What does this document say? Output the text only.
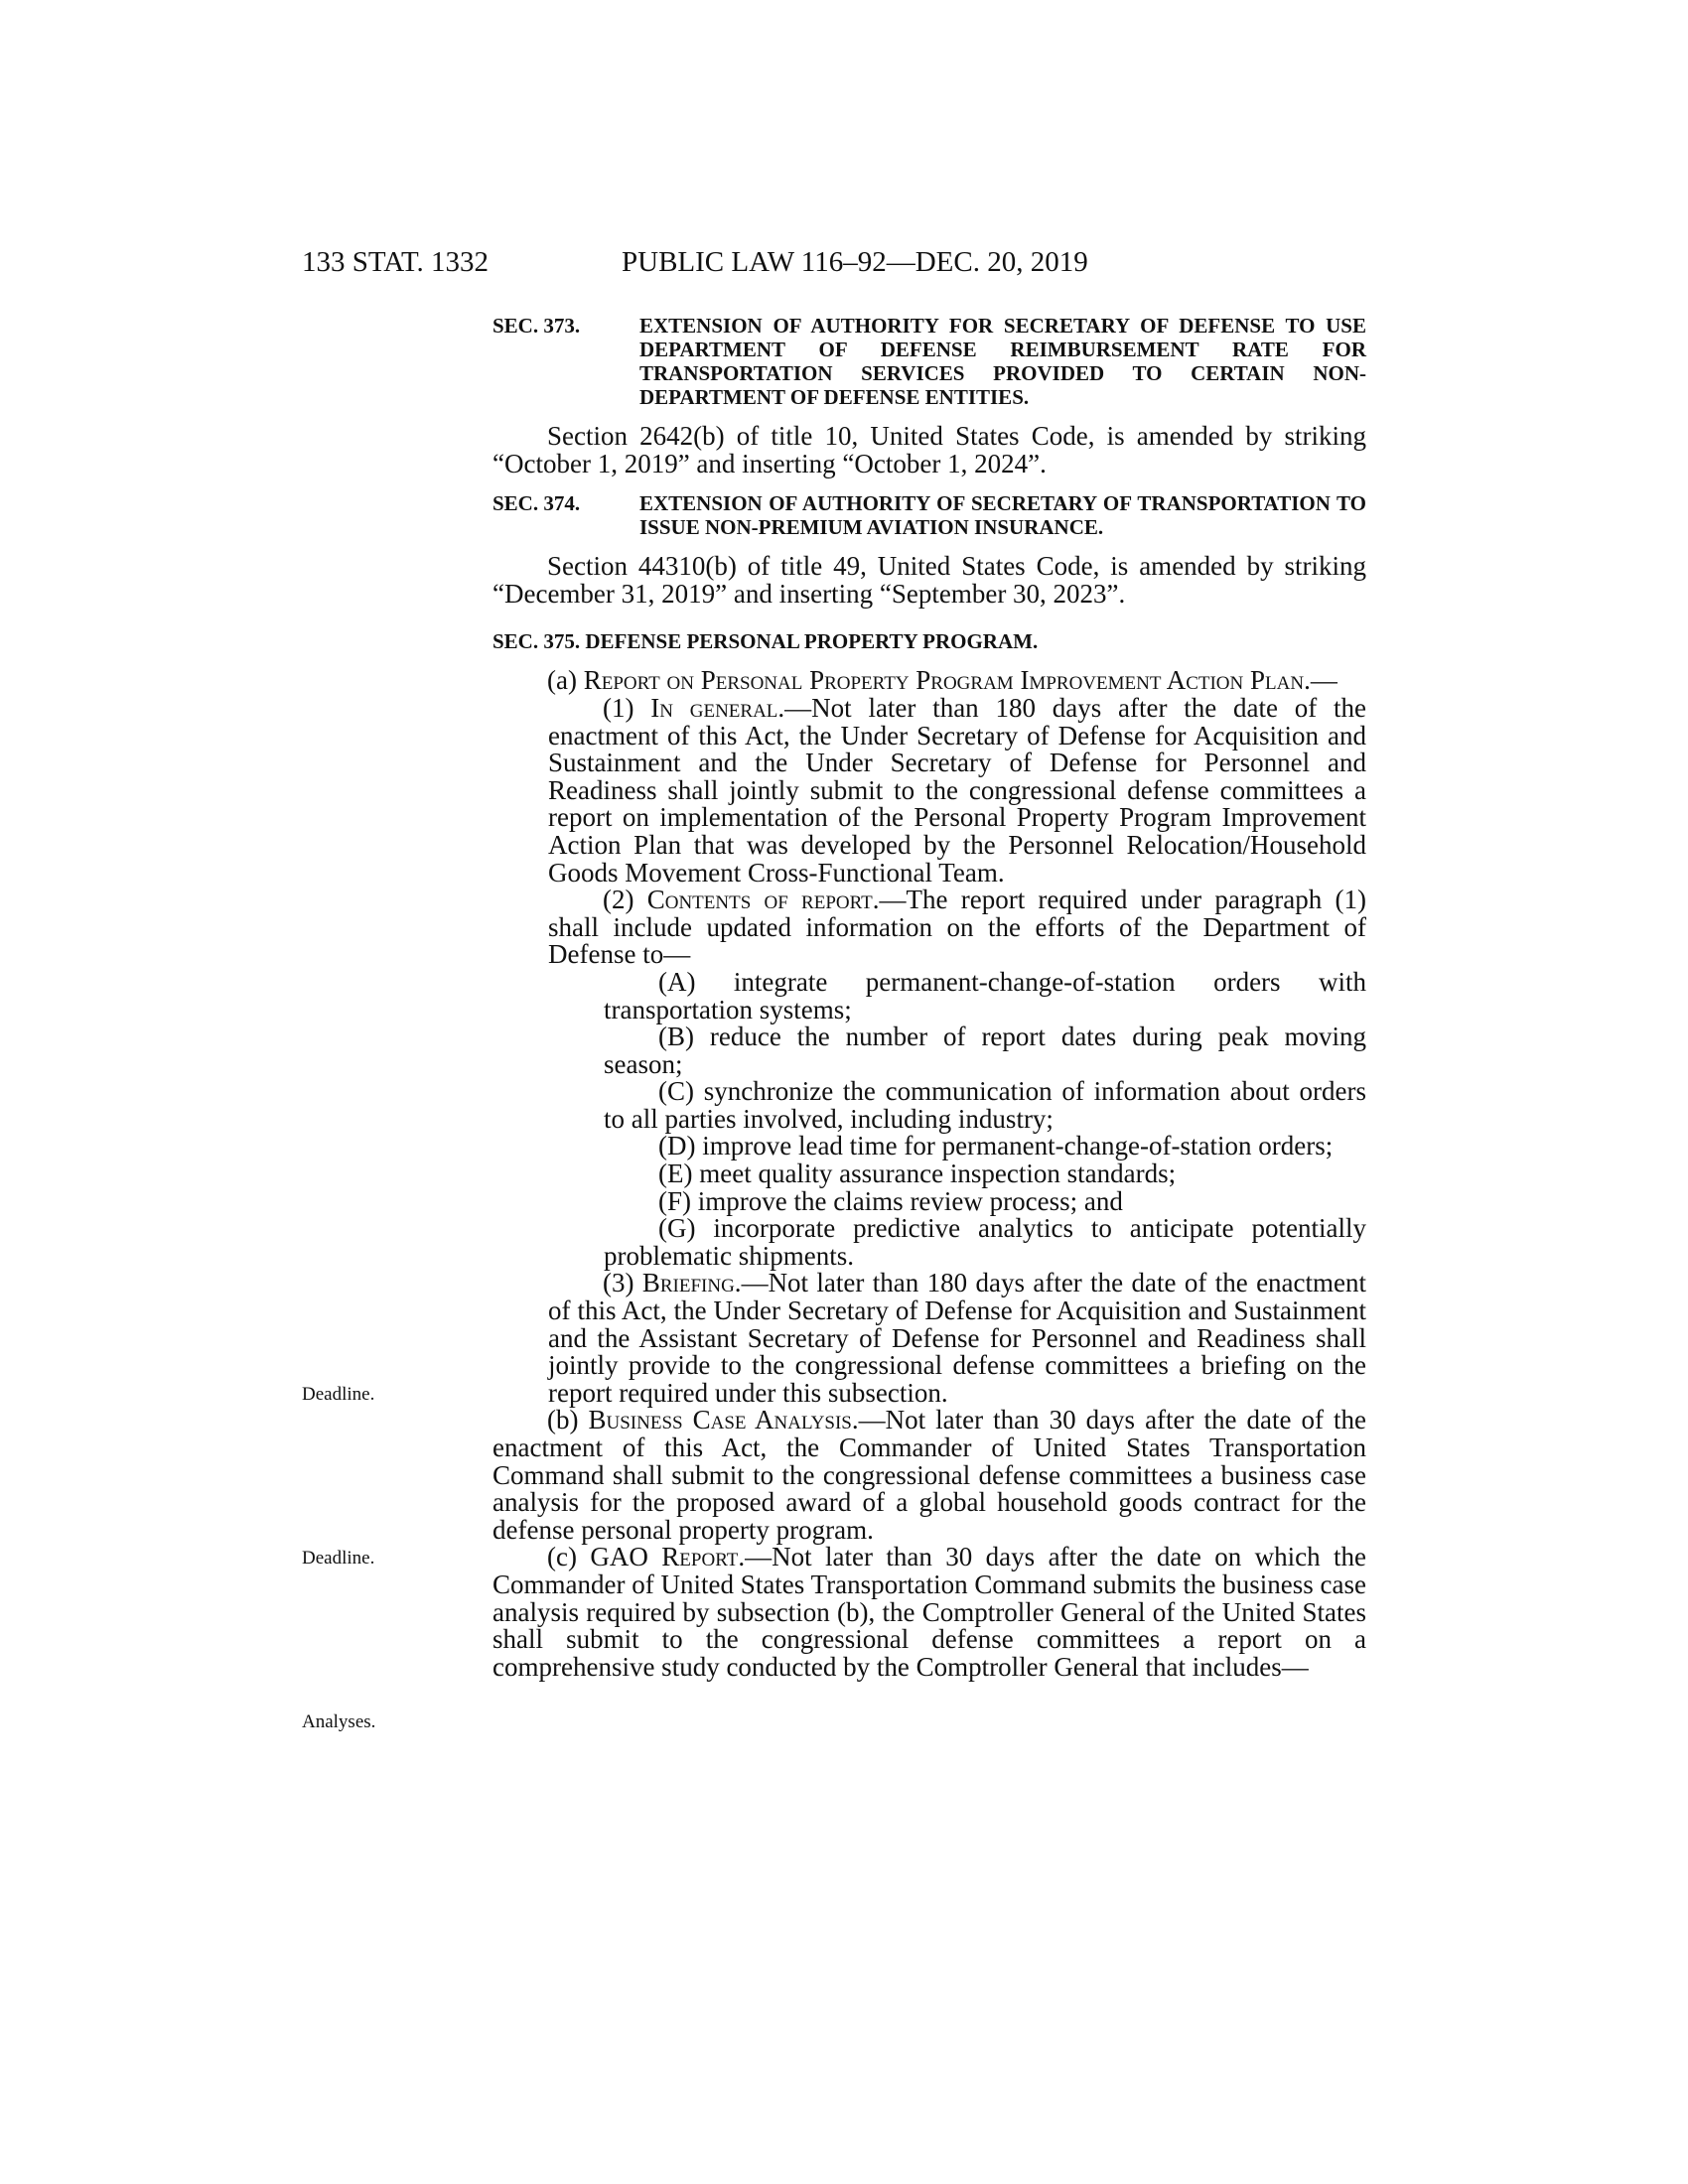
133 STAT. 1332	PUBLIC LAW 116–92—DEC. 20, 2019
Deadline.
Deadline.
Analyses.

SEC. 373.	EXTENSION OF AUTHORITY FOR SECRETARY OF DEFENSE TO USE DEPARTMENT OF DEFENSE REIMBURSEMENT RATE FOR TRANSPORTATION SERVICES PROVIDED TO CERTAIN NON-DEPARTMENT OF DEFENSE ENTITIES.

Section 2642(b) of title 10, United States Code, is amended by striking “October 1, 2019” and inserting “October 1, 2024”.

SEC. 374.	EXTENSION OF AUTHORITY OF SECRETARY OF TRANSPORTATION TO ISSUE NON-PREMIUM AVIATION INSURANCE.

Section 44310(b) of title 49, United States Code, is amended by striking “December 31, 2019” and inserting “September 30, 2023”.

SEC. 375. DEFENSE PERSONAL PROPERTY PROGRAM.

(a) Report on Personal Property Program Improvement Action Plan.—

(1) In general.—Not later than 180 days after the date of the enactment of this Act, the Under Secretary of Defense for Acquisition and Sustainment and the Under Secretary of Defense for Personnel and Readiness shall jointly submit to the congressional defense committees a report on implementation of the Personal Property Program Improvement Action Plan that was developed by the Personnel Relocation/Household Goods Movement Cross-Functional Team.

(2) Contents of report.—The report required under paragraph (1) shall include updated information on the efforts of the Department of Defense to—

(A) integrate permanent-change-of-station orders with transportation systems;

(B) reduce the number of report dates during peak moving season;

(C) synchronize the communication of information about orders to all parties involved, including industry;

(D) improve lead time for permanent-change-of-station orders;

(E) meet quality assurance inspection standards;

(F) improve the claims review process; and

(G) incorporate predictive analytics to anticipate potentially problematic shipments.

(3) Briefing.—Not later than 180 days after the date of the enactment of this Act, the Under Secretary of Defense for Acquisition and Sustainment and the Assistant Secretary of Defense for Personnel and Readiness shall jointly provide to the congressional defense committees a briefing on the report required under this subsection.

(b) Business Case Analysis.—Not later than 30 days after the date of the enactment of this Act, the Commander of United States Transportation Command shall submit to the congressional defense committees a business case analysis for the proposed award of a global household goods contract for the defense personal property program.

(c) GAO Report.—Not later than 30 days after the date on which the Commander of United States Transportation Command submits the business case analysis required by subsection (b), the Comptroller General of the United States shall submit to the congressional defense committees a report on a comprehensive study conducted by the Comptroller General that includes—
